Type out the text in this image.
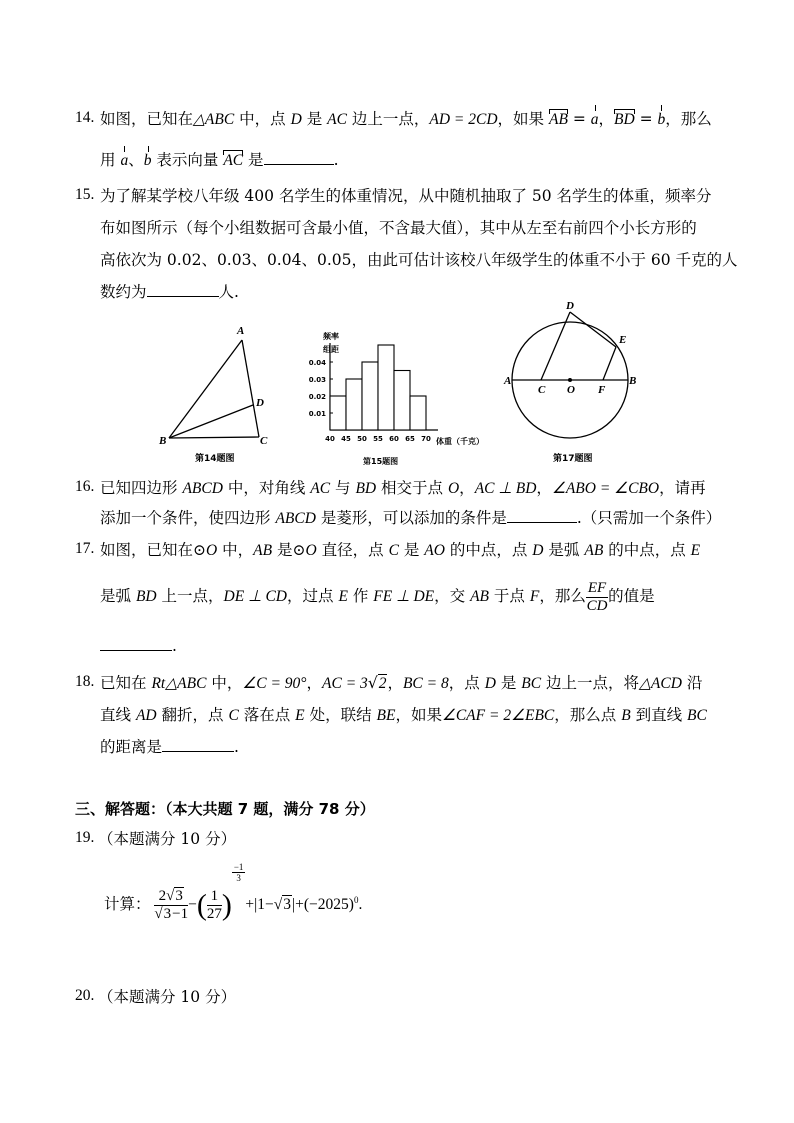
14. 如图，已知在△ABC 中，点 D 是 AC 边上一点，AD = 2CD，如果 AB = a，BD = b，那么
用 a、b 表示向量 AC 是	.
15. 为了解某学校八年级 400 名学生的体重情况，从中随机抽取了 50 名学生的体重，频率分
布如图所示（每个小组数据可含最小值，不含最大值），其中从左至右前四个小长方形的
高依次为 0.02、0.03、0.04、0.05，由此可估计该校八年级学生的体重不小于 60 千克的人
数约为	人.
A
D
B	C
第14题图
频率
组距
体重（千克）
第15题图
0.01
0.02
0.03
0.04
40 45 50 55 60 65 70
D
E
A	B
C O F
第17题图
16. 已知四边形 ABCD 中，对角线 AC 与 BD 相交于点 O，AC ⊥ BD，∠ABO = ∠CBO，请再
添加一个条件，使四边形 ABCD 是菱形，可以添加的条件是	.（只需加一个条件）
17. 如图，已知在⊙O 中，AB 是⊙O 直径，点 C 是 AO 的中点，点 D 是弧 AB 的中点，点 E
是弧 BD 上一点，DE ⊥ CD，过点 E 作 FE ⊥ DE，交 AB 于点 F，那么 $\frac{EF}{CD}$ 的值是
.
18. 已知在 Rt△ABC 中，∠C = 90°，AC = 3√2，BC = 8，点 D 是 BC 边上一点，将△ACD 沿
直线 AD 翻折，点 C 落在点 E 处，联结 BE，如果∠CAF = 2∠EBC，那么点 B 到直线 BC
的距离是	.
三、解答题：（本大共题 7 题，满分 78 分）
19. （本题满分 10 分）
计算： $\frac{2√3}{√3-1}$ −( $\frac{1}{27}$ )
$\frac{-1}{3}$
$+|1-√3|+(-2025)^0$.
20. （本题满分 10 分）
